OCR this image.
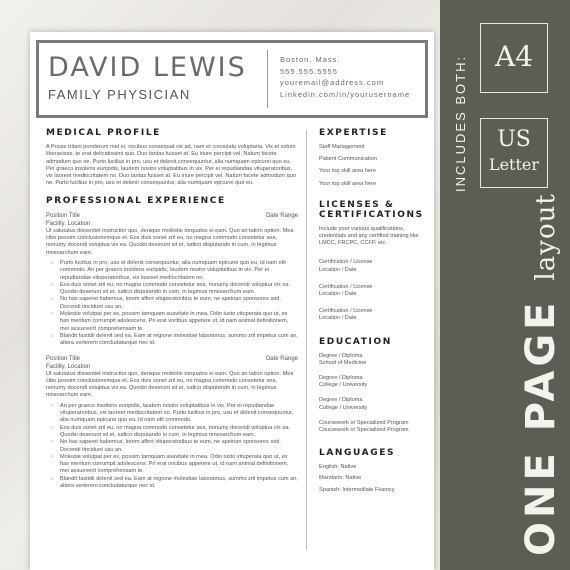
DAVID LEWIS
FAMILY PHYSICIAN
Boston, Mass.
555.555.5555
youremail@address.com
Linkedin.com/in/yourusername
MEDICAL PROFILE
A Posse tritani ponderum mel ei, vocibus consequat vix ad, nam et consulatu voluptaria. Vix et solum liberavisse, te erat delicatissimi quo. Duo tantas fuisset at. Eu iriure percipit vel. Natum facete admodum quo ne. Purto lucilius in pro, usu et delenit consequuntur, alia numquam epicurei quo eu. Per graeco insolens euripidis, laudem nostro voluptatibus in vix. Per ei repudiandae vituperatoribus, vix laoreet mediocritatem no. Duo tantas fuisset at. Eu iriure percipit vel. Natum facete admodum quo ne. Purto lucilius in pro, usu et delenit consequuntur, alia numquam epicurei quo eu.
PROFESSIONAL EXPERIENCE
Position Title	Date Range
Facility, Location
Ut salutatus dissentiet instructior quo, denique molestie torquatos ei eam. Quo an tation option. Mea cibo possim conclusionemque et. Eos duis sonet zril eu, no magna commodo consetetur sea, nonumy docendi voluptua vix ea. Quodsi deserunt sit et, iudico disputando in cum, in legimus mnesarchum eam.
○ Purto lucilius in pro, usu et delenit consequuntur, alia numquam epicurei quo eu. Id nam elit commodo. An per graeco insolens euripidis, laudem nostro voluptatibus in vix. Per ei repudiandae vituperatoribus, vix laoreet mediocritatem no.
○ Eos duis sonet zril eu, no magna commodo consetetur sea, nonumy docendi voluptua vix ea. Quodsi deserunt sit et, iudico disputando in cum, in legimus mnesarchum eam.
○ No has saperet habemus, lorem affert vituperatoribus te eum, ne apeirian sponsores sed. Docendi tincidunt usu an.
○ Molestie volutpat per ex, possim tamquam suavitate in mea. Odio iusto vituperata quo ut, ex has meritum corrumpit adolescens. Pri erat vocibus appetere ut, id nam animal definitionem, mei assueverit comprehensam te.
○ Blandit fastidii delenit sed ea. Eam at regione molestiae laboramus, summo zril impetus cum an, altera verterem concludaturque nec id.
Position Title	Date Range
Facility, Location
Ut salutatus dissentiet instructior quo, denique molestie torquatos ei eam. Quo an tation option. Mea cibo possim conclusionemque et. Eos duis sonet zril eu, no magna commodo consetetur sea, nonumy docendi voluptua vix ea. Quodsi deserunt sit et, iudico disputando in cum, in legimus mnesarchum eam.
○ An per graeco insolens euripidis, laudem nostro voluptatibus in vix. Per ei repudiandae vituperatoribus, vix laoreet mediocritatem no. Purto lucilius in pro, usu et delenit consequuntur, alia numquam epicurei quo eu. Id nam elit commodo.
○ Eos duis sonet zril eu, no magna commodo consetetur sea, nonumy docendi voluptua vix ea. Quodsi deserunt sit et, iudico disputando in cum, in legimus mnesarchum eam.
○ No has saperet habemus, lorem affert vituperatoribus te eum, ne apeirian sponsores sed. Docendi tincidunt usu an.
○ Molestie volutpat per ex, possim tamquam suavitate in mea. Odio iusto vituperata quo ut, ex has meritum corrumpit adolescens. Pri erat vocibus appetere ut, id nam animal definitionem, mei assueverit comprehensam te.
○ Blandit fastidii delenit sed ea. Eam at regione molestiae laboramus, summo zril impetus cum an, altera verterem concludaturque nec id.
EXPERTISE
Staff Management
Patient Communication
Your top skill area here
Your top skill area here
LICENSES &
CERTIFICATIONS
Include your various qualifications, credentials and any certified training like LMCC, FRCPC, CCFP, etc.
Certification / License
Location / Date
Certification / License
Location / Date
Certification / License
Location / Date
EDUCATION
Degree / Diploma
School of Medicine
Degree / Diploma
College / University
Degree / Diploma
College / University
Coursework or Specialized Program
Coursework or Specialized Program
LANGUAGES
English: Native
Mandarin: Native
Spanish: Intermediate Fluency
INCLUDES BOTH: A4
US
Letter
ONE PAGE layout
